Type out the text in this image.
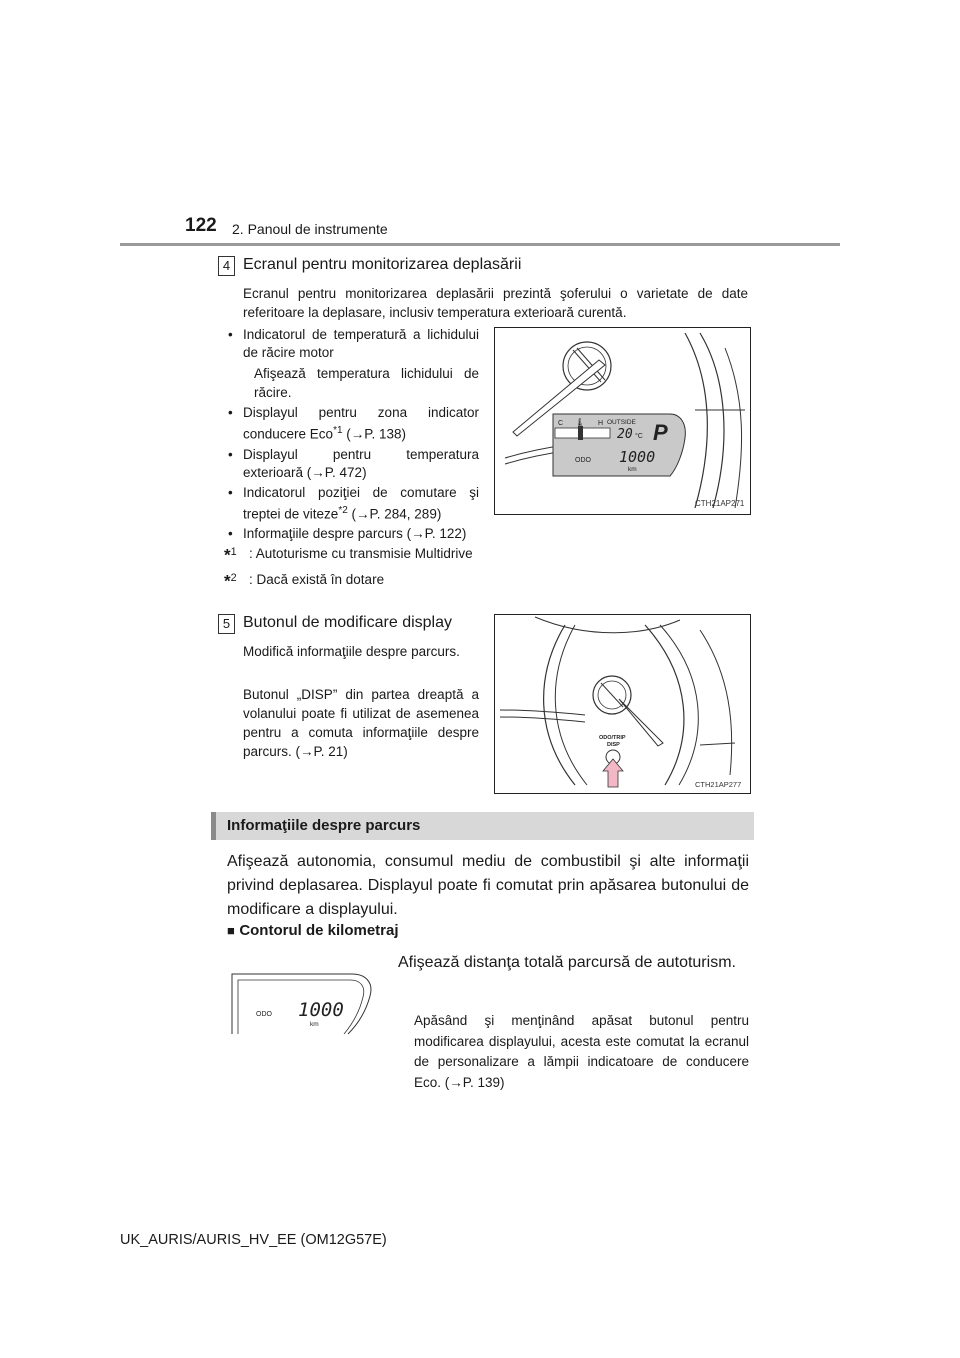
122 2. Panoul de instrumente
4 Ecranul pentru monitorizarea deplasării
Ecranul pentru monitorizarea deplasării prezintă şoferului o varietate de date referitoare la deplasare, inclusiv temperatura exterioară curentă.
• Indicatorul de temperatură a lichidului de răcire motor
Afişează temperatura lichidului de răcire.
• Displayul pentru zona indicator conducere Eco$^{*1}$ (→P. 138)
• Displayul pentru temperatura exterioară (→P. 472)
• Indicatorul poziţiei de comutare şi treptei de viteze$^{*2}$ (→P. 284, 289)
• Informaţiile despre parcurs (→P. 122)
*$^1$ : Autoturisme cu transmisie Multidrive
*$^2$ : Dacă există în dotare
C 🌡 H OUTSIDE
20 °C P
ODO 1000
km
CTH21AP271
5 Butonul de modificare display
Modifică informaţiile despre parcurs.
Butonul „DISP” din partea dreaptă a volanului poate fi utilizat de asemenea pentru a comuta informaţiile despre parcurs. (→P. 21)
ODO/TRIP
DISP
CTH21AP277
Informaţiile despre parcurs
Afişează autonomia, consumul mediu de combustibil şi alte informaţii privind deplasarea. Displayul poate fi comutat prin apăsarea butonului de modificare a displayului.
■ Contorul de kilometraj
ODO 1000
km
Afişează distanţa totală parcursă de autoturism.
Apăsând şi menţinând apăsat butonul pentru modificarea displayului, acesta este comutat la ecranul de personalizare a lămpii indicatoare de conducere Eco. (→P. 139)
UK_AURIS/AURIS_HV_EE (OM12G57E)
